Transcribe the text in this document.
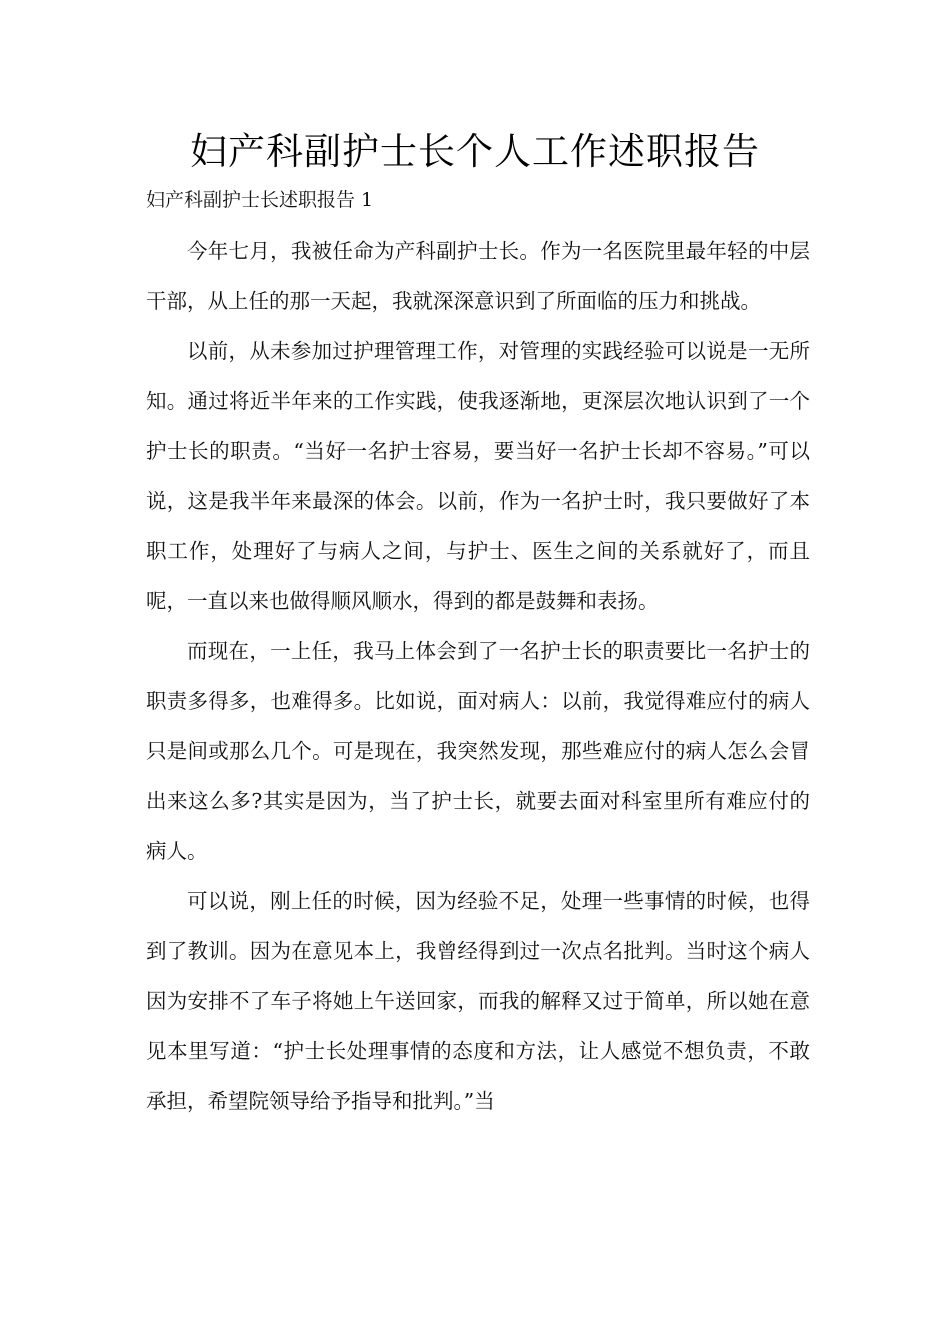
妇产科副护士长个人工作述职报告

妇产科副护士长述职报告 1

今年七月，我被任命为产科副护士长。作为一名医院里最年轻的中层干部，从上任的那一天起，我就深深意识到了所面临的压力和挑战。

以前，从未参加过护理管理工作，对管理的实践经验可以说是一无所知。通过将近半年来的工作实践，使我逐渐地，更深层次地认识到了一个护士长的职责。“当好一名护士容易，要当好一名护士长却不容易。”可以说，这是我半年来最深的体会。以前，作为一名护士时，我只要做好了本职工作，处理好了与病人之间，与护士、医生之间的关系就好了，而且呢，一直以来也做得顺风顺水，得到的都是鼓舞和表扬。

而现在，一上任，我马上体会到了一名护士长的职责要比一名护士的职责多得多，也难得多。比如说，面对病人：以前，我觉得难应付的病人只是间或那么几个。可是现在，我突然发现，那些难应付的病人怎么会冒出来这么多?其实是因为，当了护士长，就要去面对科室里所有难应付的病人。

可以说，刚上任的时候，因为经验不足，处理一些事情的时候，也得到了教训。因为在意见本上，我曾经得到过一次点名批判。当时这个病人因为安排不了车子将她上午送回家，而我的解释又过于简单，所以她在意见本里写道：“护士长处理事情的态度和方法，让人感觉不想负责，不敢承担，希望院领导给予指导和批判。”当
